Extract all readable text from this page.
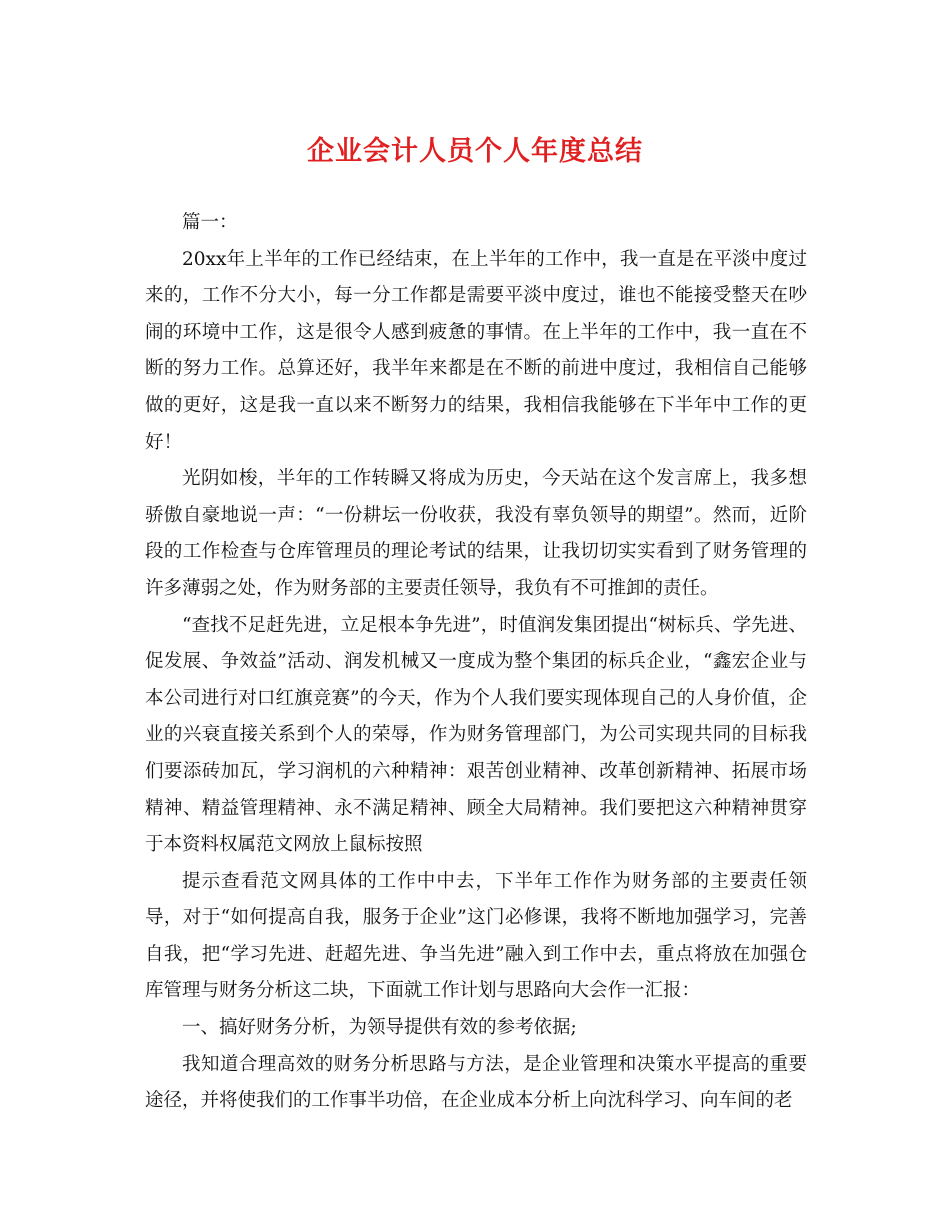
企业会计人员个人年度总结

篇一：

20xx年上半年的工作已经结束，在上半年的工作中，我一直是在平淡中度过来的，工作不分大小，每一分工作都是需要平淡中度过，谁也不能接受整天在吵闹的环境中工作，这是很令人感到疲惫的事情。在上半年的工作中，我一直在不断的努力工作。总算还好，我半年来都是在不断的前进中度过，我相信自己能够做的更好，这是我一直以来不断努力的结果，我相信我能够在下半年中工作的更好！

光阴如梭，半年的工作转瞬又将成为历史，今天站在这个发言席上，我多想骄傲自豪地说一声：“一份耕坛一份收获，我没有辜负领导的期望”。然而，近阶段的工作检查与仓库管理员的理论考试的结果，让我切切实实看到了财务管理的许多薄弱之处，作为财务部的主要责任领导，我负有不可推卸的责任。

“查找不足赶先进，立足根本争先进”，时值润发集团提出“树标兵、学先进、促发展、争效益”活动、润发机械又一度成为整个集团的标兵企业，“鑫宏企业与本公司进行对口红旗竞赛”的今天，作为个人我们要实现体现自己的人身价值，企业的兴衰直接关系到个人的荣辱，作为财务管理部门，为公司实现共同的目标我们要添砖加瓦，学习润机的六种精神：艰苦创业精神、改革创新精神、拓展市场精神、精益管理精神、永不满足精神、顾全大局精神。我们要把这六种精神贯穿于本资料权属范文网放上鼠标按照

提示查看范文网具体的工作中中去，下半年工作作为财务部的主要责任领导，对于“如何提高自我，服务于企业”这门必修课，我将不断地加强学习，完善自我，把“学习先进、赶超先进、争当先进”融入到工作中去，重点将放在加强仓库管理与财务分析这二块，下面就工作计划与思路向大会作一汇报：

一、搞好财务分析，为领导提供有效的参考依据;

我知道合理高效的财务分析思路与方法，是企业管理和决策水平提高的重要途径，并将使我们的工作事半功倍，在企业成本分析上向沈科学习、向车间的老
